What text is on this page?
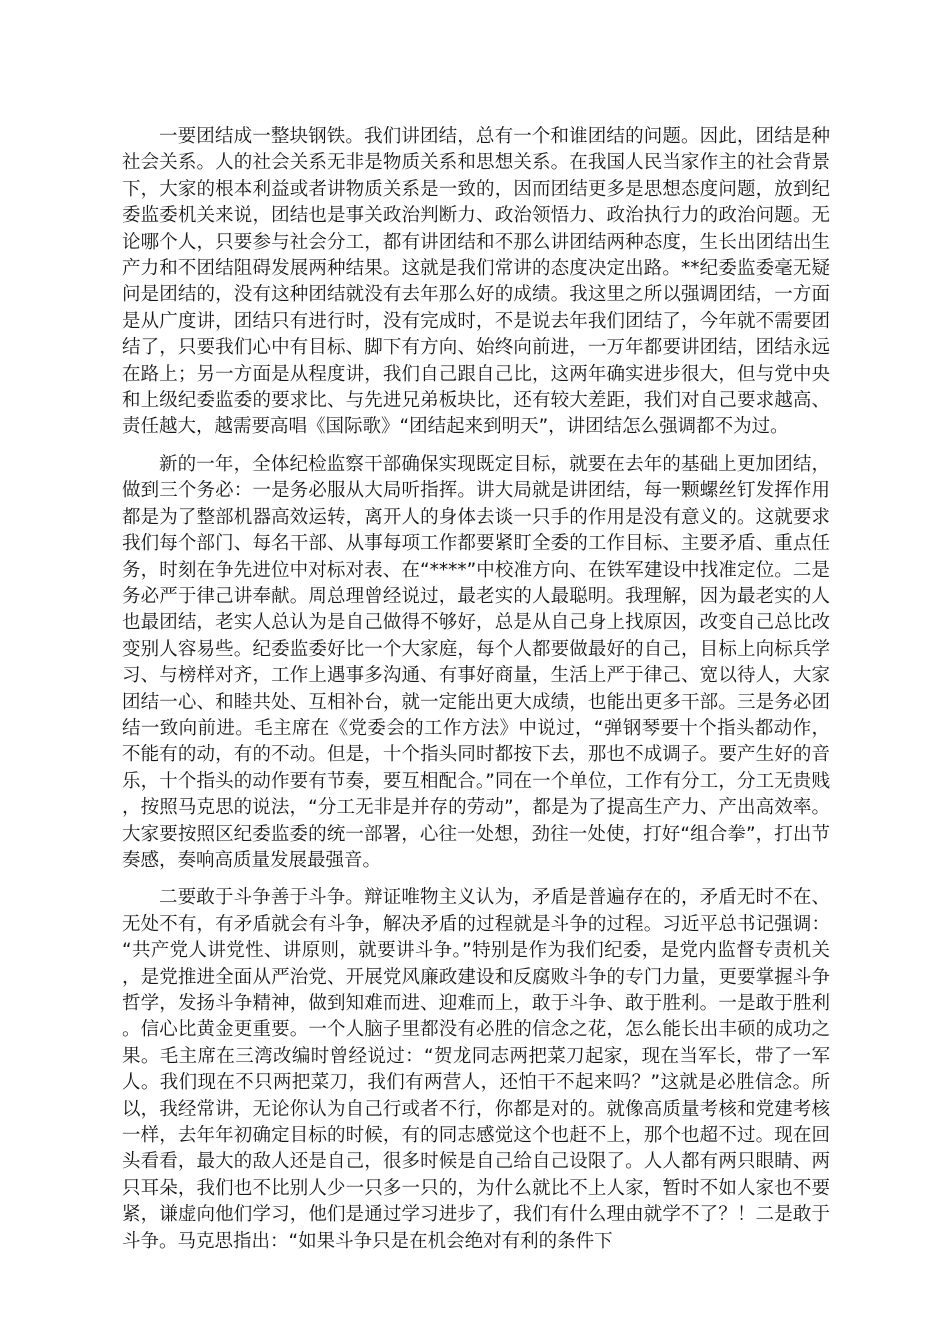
一要团结成一整块钢铁。我们讲团结，总有一个和谁团结的问题。因此，团结是种社会关系。人的社会关系无非是物质关系和思想关系。在我国人民当家作主的社会背景下，大家的根本利益或者讲物质关系是一致的，因而团结更多是思想态度问题，放到纪委监委机关来说，团结也是事关政治判断力、政治领悟力、政治执行力的政治问题。无论哪个人，只要参与社会分工，都有讲团结和不那么讲团结两种态度，生长出团结出生产力和不团结阻碍发展两种结果。这就是我们常讲的态度决定出路。**纪委监委毫无疑问是团结的，没有这种团结就没有去年那么好的成绩。我这里之所以强调团结，一方面是从广度讲，团结只有进行时，没有完成时，不是说去年我们团结了，今年就不需要团结了，只要我们心中有目标、脚下有方向、始终向前进，一万年都要讲团结，团结永远在路上；另一方面是从程度讲，我们自己跟自己比，这两年确实进步很大，但与党中央和上级纪委监委的要求比、与先进兄弟板块比，还有较大差距，我们对自己要求越高、责任越大，越需要高唱《国际歌》“团结起来到明天”，讲团结怎么强调都不为过。

新的一年，全体纪检监察干部确保实现既定目标，就要在去年的基础上更加团结，做到三个务必：一是务必服从大局听指挥。讲大局就是讲团结，每一颗螺丝钉发挥作用都是为了整部机器高效运转，离开人的身体去谈一只手的作用是没有意义的。这就要求我们每个部门、每名干部、从事每项工作都要紧盯全委的工作目标、主要矛盾、重点任务，时刻在争先进位中对标对表、在“****”中校准方向、在铁军建设中找准定位。二是务必严于律己讲奉献。周总理曾经说过，最老实的人最聪明。我理解，因为最老实的人也最团结，老实人总认为是自己做得不够好，总是从自己身上找原因，改变自己总比改变别人容易些。纪委监委好比一个大家庭，每个人都要做最好的自己，目标上向标兵学习、与榜样对齐，工作上遇事多沟通、有事好商量，生活上严于律己、宽以待人，大家团结一心、和睦共处、互相补台，就一定能出更大成绩，也能出更多干部。三是务必团结一致向前进。毛主席在《党委会的工作方法》中说过，“弹钢琴要十个指头都动作，不能有的动，有的不动。但是，十个指头同时都按下去，那也不成调子。要产生好的音乐，十个指头的动作要有节奏，要互相配合。”同在一个单位，工作有分工，分工无贵贱，按照马克思的说法，“分工无非是并存的劳动”，都是为了提高生产力、产出高效率。大家要按照区纪委监委的统一部署，心往一处想，劲往一处使，打好“组合拳”，打出节奏感，奏响高质量发展最强音。

二要敢于斗争善于斗争。辩证唯物主义认为，矛盾是普遍存在的，矛盾无时不在、无处不有，有矛盾就会有斗争，解决矛盾的过程就是斗争的过程。习近平总书记强调：“共产党人讲党性、讲原则，就要讲斗争。”特别是作为我们纪委，是党内监督专责机关，是党推进全面从严治党、开展党风廉政建设和反腐败斗争的专门力量，更要掌握斗争哲学，发扬斗争精神，做到知难而进、迎难而上，敢于斗争、敢于胜利。一是敢于胜利。信心比黄金更重要。一个人脑子里都没有必胜的信念之花，怎么能长出丰硕的成功之果。毛主席在三湾改编时曾经说过：“贺龙同志两把菜刀起家，现在当军长，带了一军人。我们现在不只两把菜刀，我们有两营人，还怕干不起来吗？”这就是必胜信念。所以，我经常讲，无论你认为自己行或者不行，你都是对的。就像高质量考核和党建考核一样，去年年初确定目标的时候，有的同志感觉这个也赶不上，那个也超不过。现在回头看看，最大的敌人还是自己，很多时候是自己给自己设限了。人人都有两只眼睛、两只耳朵，我们也不比别人少一只多一只的，为什么就比不上人家，暂时不如人家也不要紧，谦虚向他们学习，他们是通过学习进步了，我们有什么理由就学不了？！二是敢于斗争。马克思指出：“如果斗争只是在机会绝对有利的条件下
